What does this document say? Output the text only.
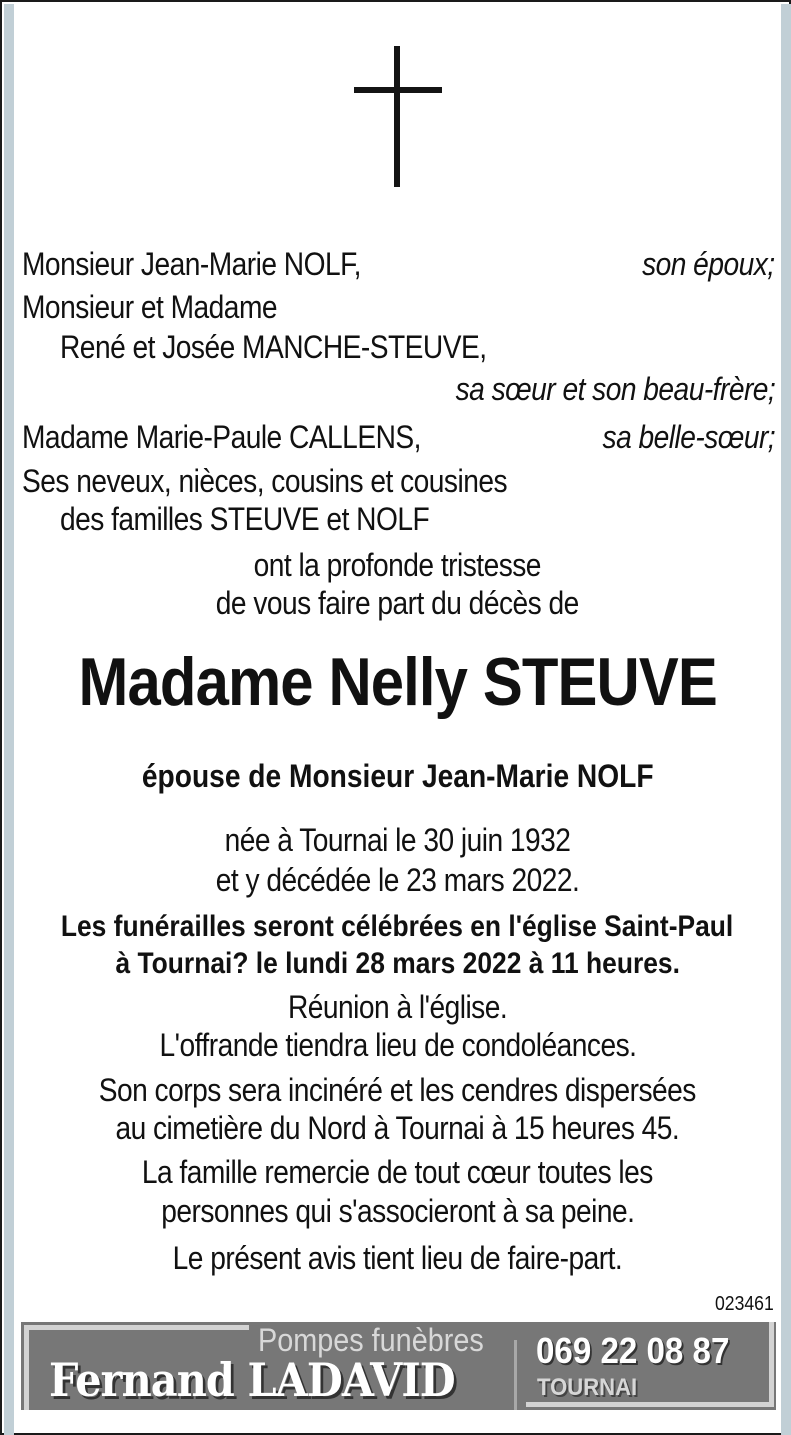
Monsieur Jean-Marie NOLF,	son époux;
Monsieur et Madame
René et Josée MANCHE-STEUVE,
sa sœur et son beau-frère;
Madame Marie-Paule CALLENS,	sa belle-sœur;
Ses neveux, nièces, cousins et cousines
des familles STEUVE et NOLF
ont la profonde tristesse
de vous faire part du décès de
Madame Nelly STEUVE
épouse de Monsieur Jean-Marie NOLF
née à Tournai le 30 juin 1932
et y décédée le 23 mars 2022.
Les funérailles seront célébrées en l'église Saint-Paul
à Tournai? le lundi 28 mars 2022 à 11 heures.
Réunion à l'église.
L'offrande tiendra lieu de condoléances.
Son corps sera incinéré et les cendres dispersées
au cimetière du Nord à Tournai à 15 heures 45.
La famille remercie de tout cœur toutes les
personnes qui s'associeront à sa peine.
Le présent avis tient lieu de faire-part.
023461
Pompes funèbres
Fernand LADAVID
069 22 08 87
TOURNAI
